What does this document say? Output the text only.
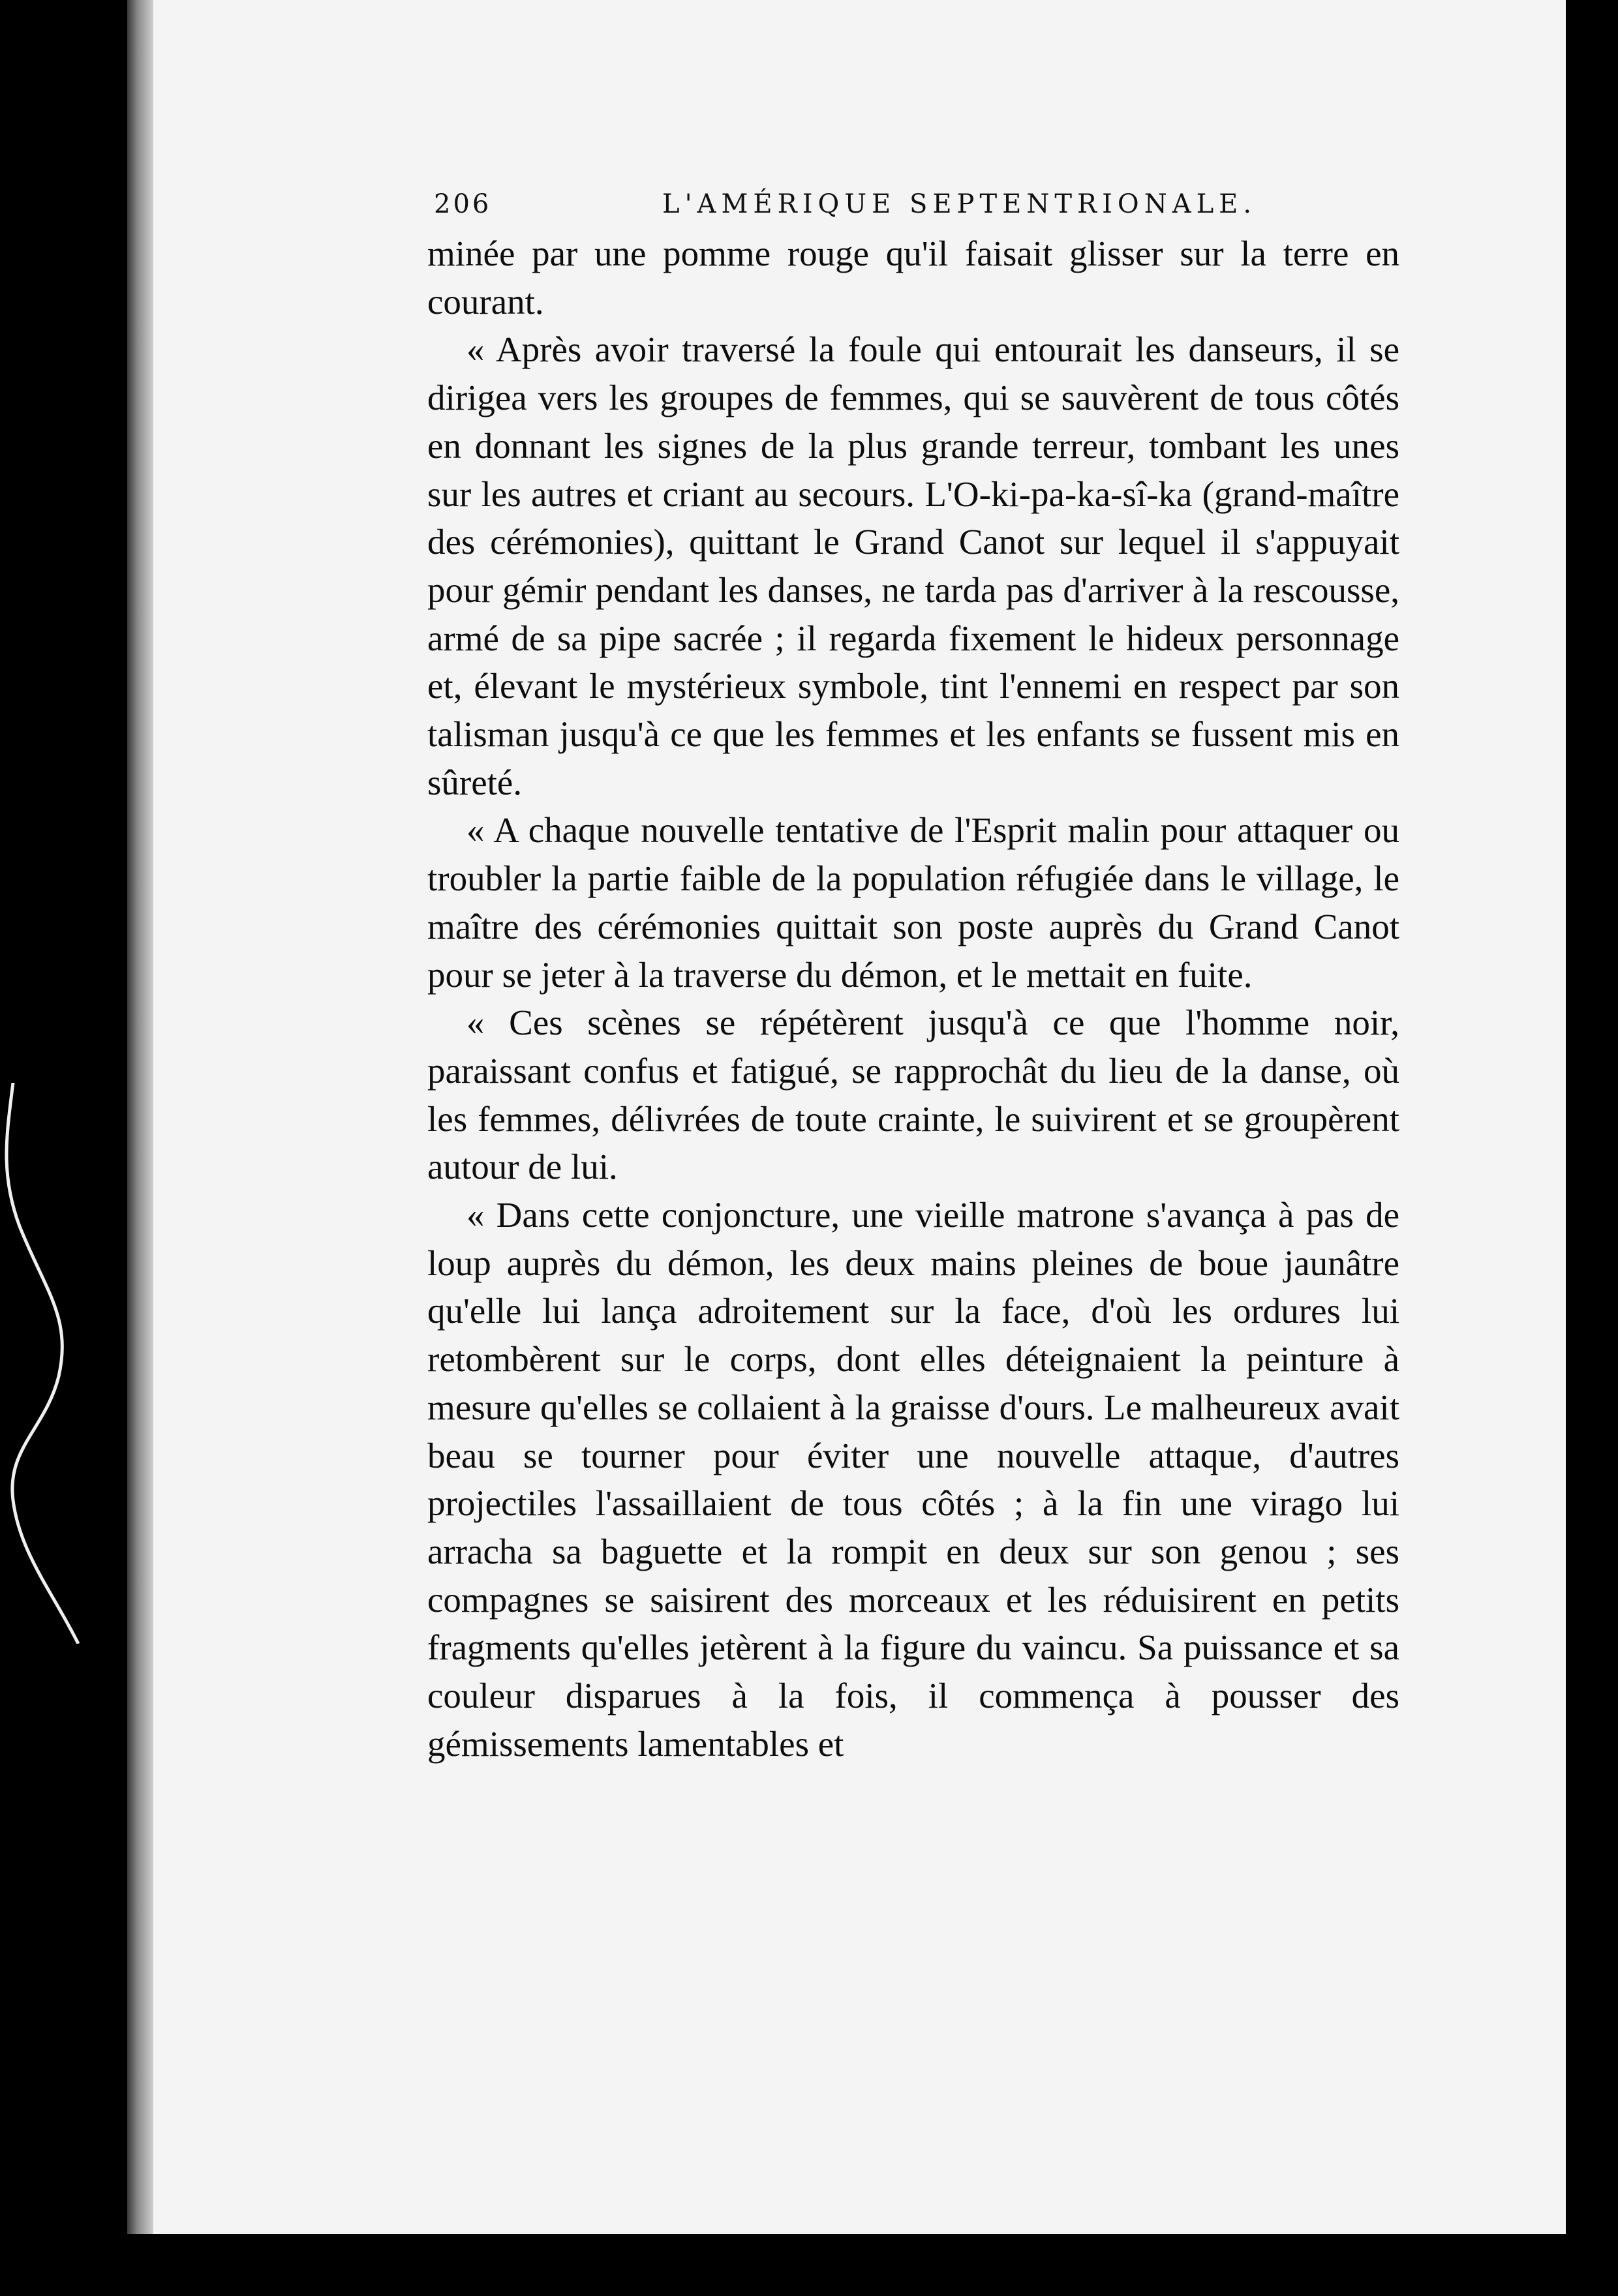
206	L'AMÉRIQUE SEPTENTRIONALE.

minée par une pomme rouge qu'il faisait glisser sur la terre en courant.

« Après avoir traversé la foule qui entourait les danseurs, il se dirigea vers les groupes de femmes, qui se sauvèrent de tous côtés en donnant les signes de la plus grande terreur, tombant les unes sur les autres et criant au secours. L'O-ki-pa-ka-sî-ka (grand-maître des cérémonies), quittant le Grand Canot sur lequel il s'appuyait pour gémir pendant les danses, ne tarda pas d'arriver à la rescousse, armé de sa pipe sacrée ; il regarda fixement le hideux personnage et, élevant le mystérieux symbole, tint l'ennemi en respect par son talisman jusqu'à ce que les femmes et les enfants se fussent mis en sûreté.

« A chaque nouvelle tentative de l'Esprit malin pour attaquer ou troubler la partie faible de la population réfugiée dans le village, le maître des cérémonies quittait son poste auprès du Grand Canot pour se jeter à la traverse du démon, et le mettait en fuite.

« Ces scènes se répétèrent jusqu'à ce que l'homme noir, paraissant confus et fatigué, se rapprochât du lieu de la danse, où les femmes, délivrées de toute crainte, le suivirent et se groupèrent autour de lui.

« Dans cette conjoncture, une vieille matrone s'avança à pas de loup auprès du démon, les deux mains pleines de boue jaunâtre qu'elle lui lança adroitement sur la face, d'où les ordures lui retombèrent sur le corps, dont elles déteignaient la peinture à mesure qu'elles se collaient à la graisse d'ours. Le malheureux avait beau se tourner pour éviter une nouvelle attaque, d'autres projectiles l'assaillaient de tous côtés ; à la fin une virago lui arracha sa baguette et la rompit en deux sur son genou ; ses compagnes se saisirent des morceaux et les réduisirent en petits fragments qu'elles jetèrent à la figure du vaincu. Sa puissance et sa couleur disparues à la fois, il commença à pousser des gémissements lamentables et
